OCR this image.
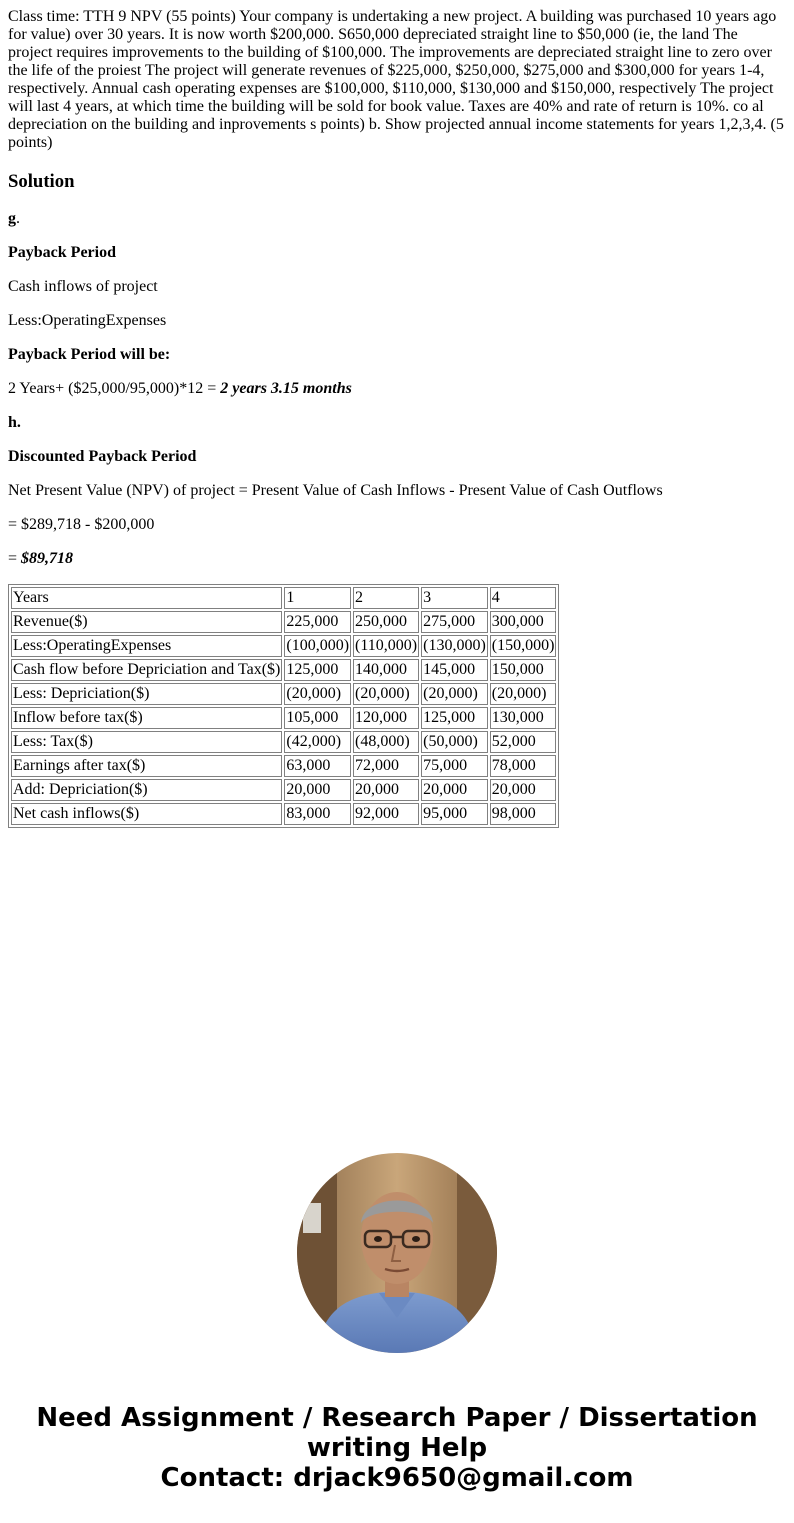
Class time: TTH 9 NPV (55 points) Your company is undertaking a new project. A building was purchased 10 years ago for value) over 30 years. It is now worth $200,000. S650,000 depreciated straight line to $50,000 (ie, the land The project requires improvements to the building of $100,000. The improvements are depreciated straight line to zero over the life of the proiest The project will generate revenues of $225,000, $250,000, $275,000 and $300,000 for years 1-4, respectively. Annual cash operating expenses are $100,000, $110,000, $130,000 and $150,000, respectively The project will last 4 years, at which time the building will be sold for book value. Taxes are 40% and rate of return is 10%. co al depreciation on the building and inprovements s points) b. Show projected annual income statements for years 1,2,3,4. (5 points)
Solution

g.

Payback Period

Cash inflows of project

Less:OperatingExpenses

Payback Period will be:

2 Years+ ($25,000/95,000)*12 = 2 years 3.15 months

h.

Discounted Payback Period

Net Present Value (NPV) of project = Present Value of Cash Inflows - Present Value of Cash Outflows

= $289,718 - $200,000

= $89,718

Years	1	2	3	4
Revenue($)	225,000	250,000	275,000	300,000
Less:OperatingExpenses	(100,000)	(110,000)	(130,000)	(150,000)
Cash flow before Depriciation and Tax($)	125,000	140,000	145,000	150,000
Less: Depriciation($)	(20,000)	(20,000)	(20,000)	(20,000)
Inflow before tax($)	105,000	120,000	125,000	130,000
Less: Tax($)	(42,000)	(48,000)	(50,000)	52,000
Earnings after tax($)	63,000	72,000	75,000	78,000
Add: Depriciation($)	20,000	20,000	20,000	20,000
Net cash inflows($)	83,000	92,000	95,000	98,000
Need Assignment / Research Paper / Dissertation
writing Help
Contact: drjack9650@gmail.com
